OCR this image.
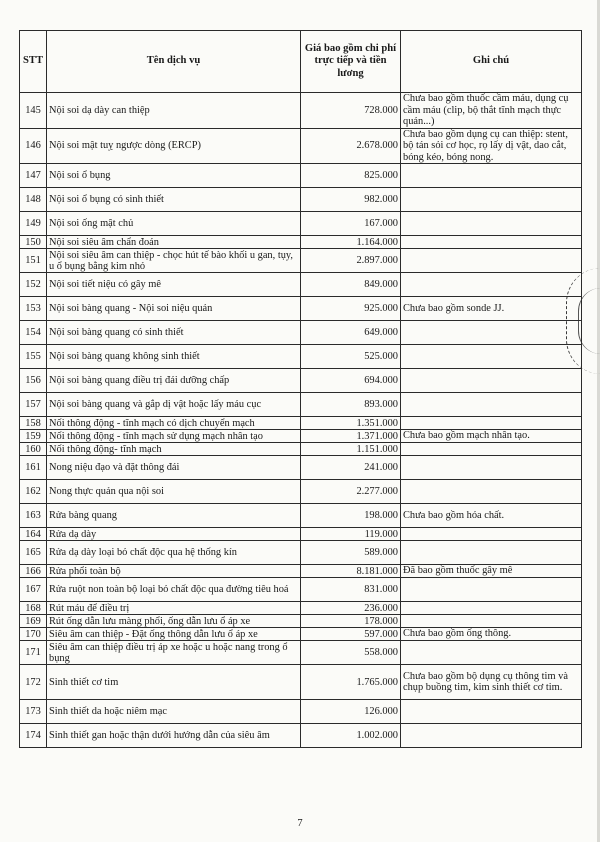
STT	Tên dịch vụ	Giá bao gồm chi phí trực tiếp và tiền lương	Ghi chú
145	Nội soi dạ dày can thiệp	728.000	Chưa bao gồm thuốc cầm máu, dụng cụ cầm máu (clip, bộ thắt tĩnh mạch thực quản...)
146	Nội soi mật tuỵ ngược dòng (ERCP)	2.678.000	Chưa bao gồm dụng cụ can thiệp: stent, bộ tán sỏi cơ học, rọ lấy dị vật, dao cắt, bóng kéo, bóng nong.
147	Nội soi ổ bụng	825.000	
148	Nội soi ổ bụng có sinh thiết	982.000	
149	Nội soi ống mật chủ	167.000	
150	Nội soi siêu âm chẩn đoán	1.164.000	
151	Nội soi siêu âm can thiệp - chọc hút tế bào khối u gan, tụy, u ổ bụng bằng kim nhỏ	2.897.000	
152	Nội soi tiết niệu có gây mê	849.000	
153	Nội soi bàng quang - Nội soi niệu quản	925.000	Chưa bao gồm sonde JJ.
154	Nội soi bàng quang có sinh thiết	649.000	
155	Nội soi bàng quang không sinh thiết	525.000	
156	Nội soi bàng quang điều trị đái dưỡng chấp	694.000	
157	Nội soi bàng quang và gắp dị vật hoặc lấy máu cục	893.000	
158	Nối thông động - tĩnh mạch có dịch chuyển mạch	1.351.000	
159	Nối thông động - tĩnh mạch sử dụng mạch nhân tạo	1.371.000	Chưa bao gồm mạch nhân tạo.
160	Nối thông động- tĩnh mạch	1.151.000	
161	Nong niệu đạo và đặt thông đái	241.000	
162	Nong thực quản qua nội soi	2.277.000	
163	Rửa bàng quang	198.000	Chưa bao gồm hóa chất.
164	Rửa dạ dày	119.000	
165	Rửa dạ dày loại bỏ chất độc qua hệ thống kín	589.000	
166	Rửa phổi toàn bộ	8.181.000	Đã bao gồm thuốc gây mê
167	Rửa ruột non toàn bộ loại bỏ chất độc qua đường tiêu hoá	831.000	
168	Rút máu để điều trị	236.000	
169	Rút ống dẫn lưu màng phổi, ống dẫn lưu ổ áp xe	178.000	
170	Siêu âm can thiệp - Đặt ống thông dẫn lưu ổ áp xe	597.000	Chưa bao gồm ống thông.
171	Siêu âm can thiệp điều trị áp xe hoặc u hoặc nang trong ổ bụng	558.000	
172	Sinh thiết cơ tim	1.765.000	Chưa bao gồm bộ dụng cụ thông tim và chụp buồng tim, kim sinh thiết cơ tim.
173	Sinh thiết da hoặc niêm mạc	126.000	
174	Sinh thiết gan hoặc thận dưới hướng dẫn của siêu âm	1.002.000	
7
